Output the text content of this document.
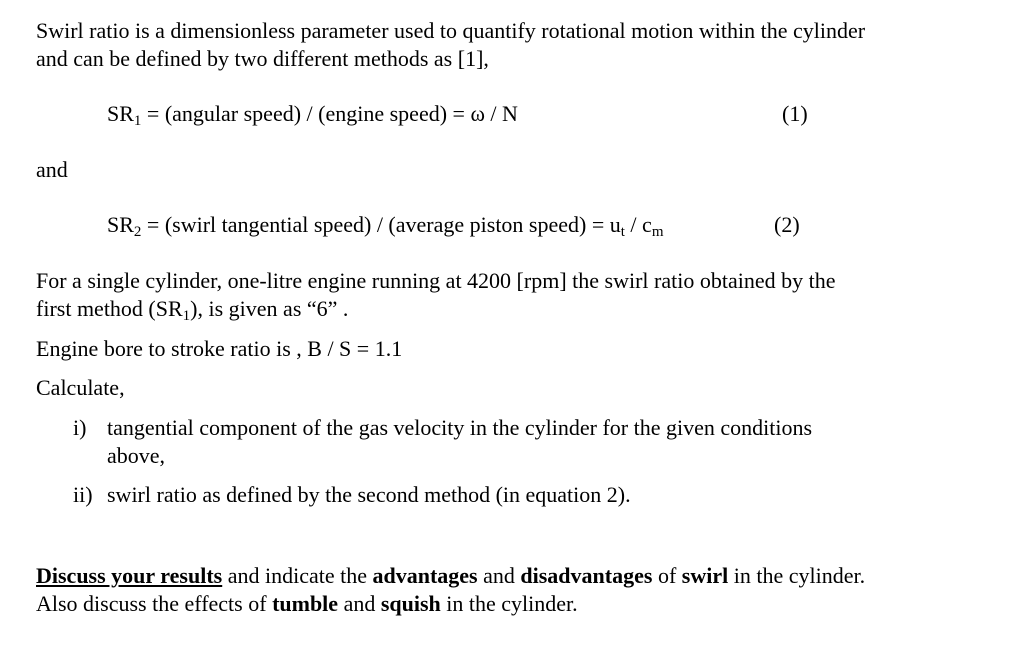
Swirl ratio is a dimensionless parameter used to quantify rotational motion within the cylinder

and can be defined by two different methods as [1],

SR1 = (angular speed) / (engine speed) = ω / N	(1)

and

SR2 = (swirl tangential speed) / (average piston speed) = ut / cm	(2)

For a single cylinder, one-litre engine running at 4200 [rpm] the swirl ratio obtained by the

first method (SR1), is given as “6” .

Engine bore to stroke ratio is , B / S = 1.1

Calculate,

i) tangential component of the gas velocity in the cylinder for the given conditions
above,
ii) swirl ratio as defined by the second method (in equation 2).

Discuss your results and indicate the advantages and disadvantages of swirl in the cylinder.

Also discuss the effects of tumble and squish in the cylinder.
